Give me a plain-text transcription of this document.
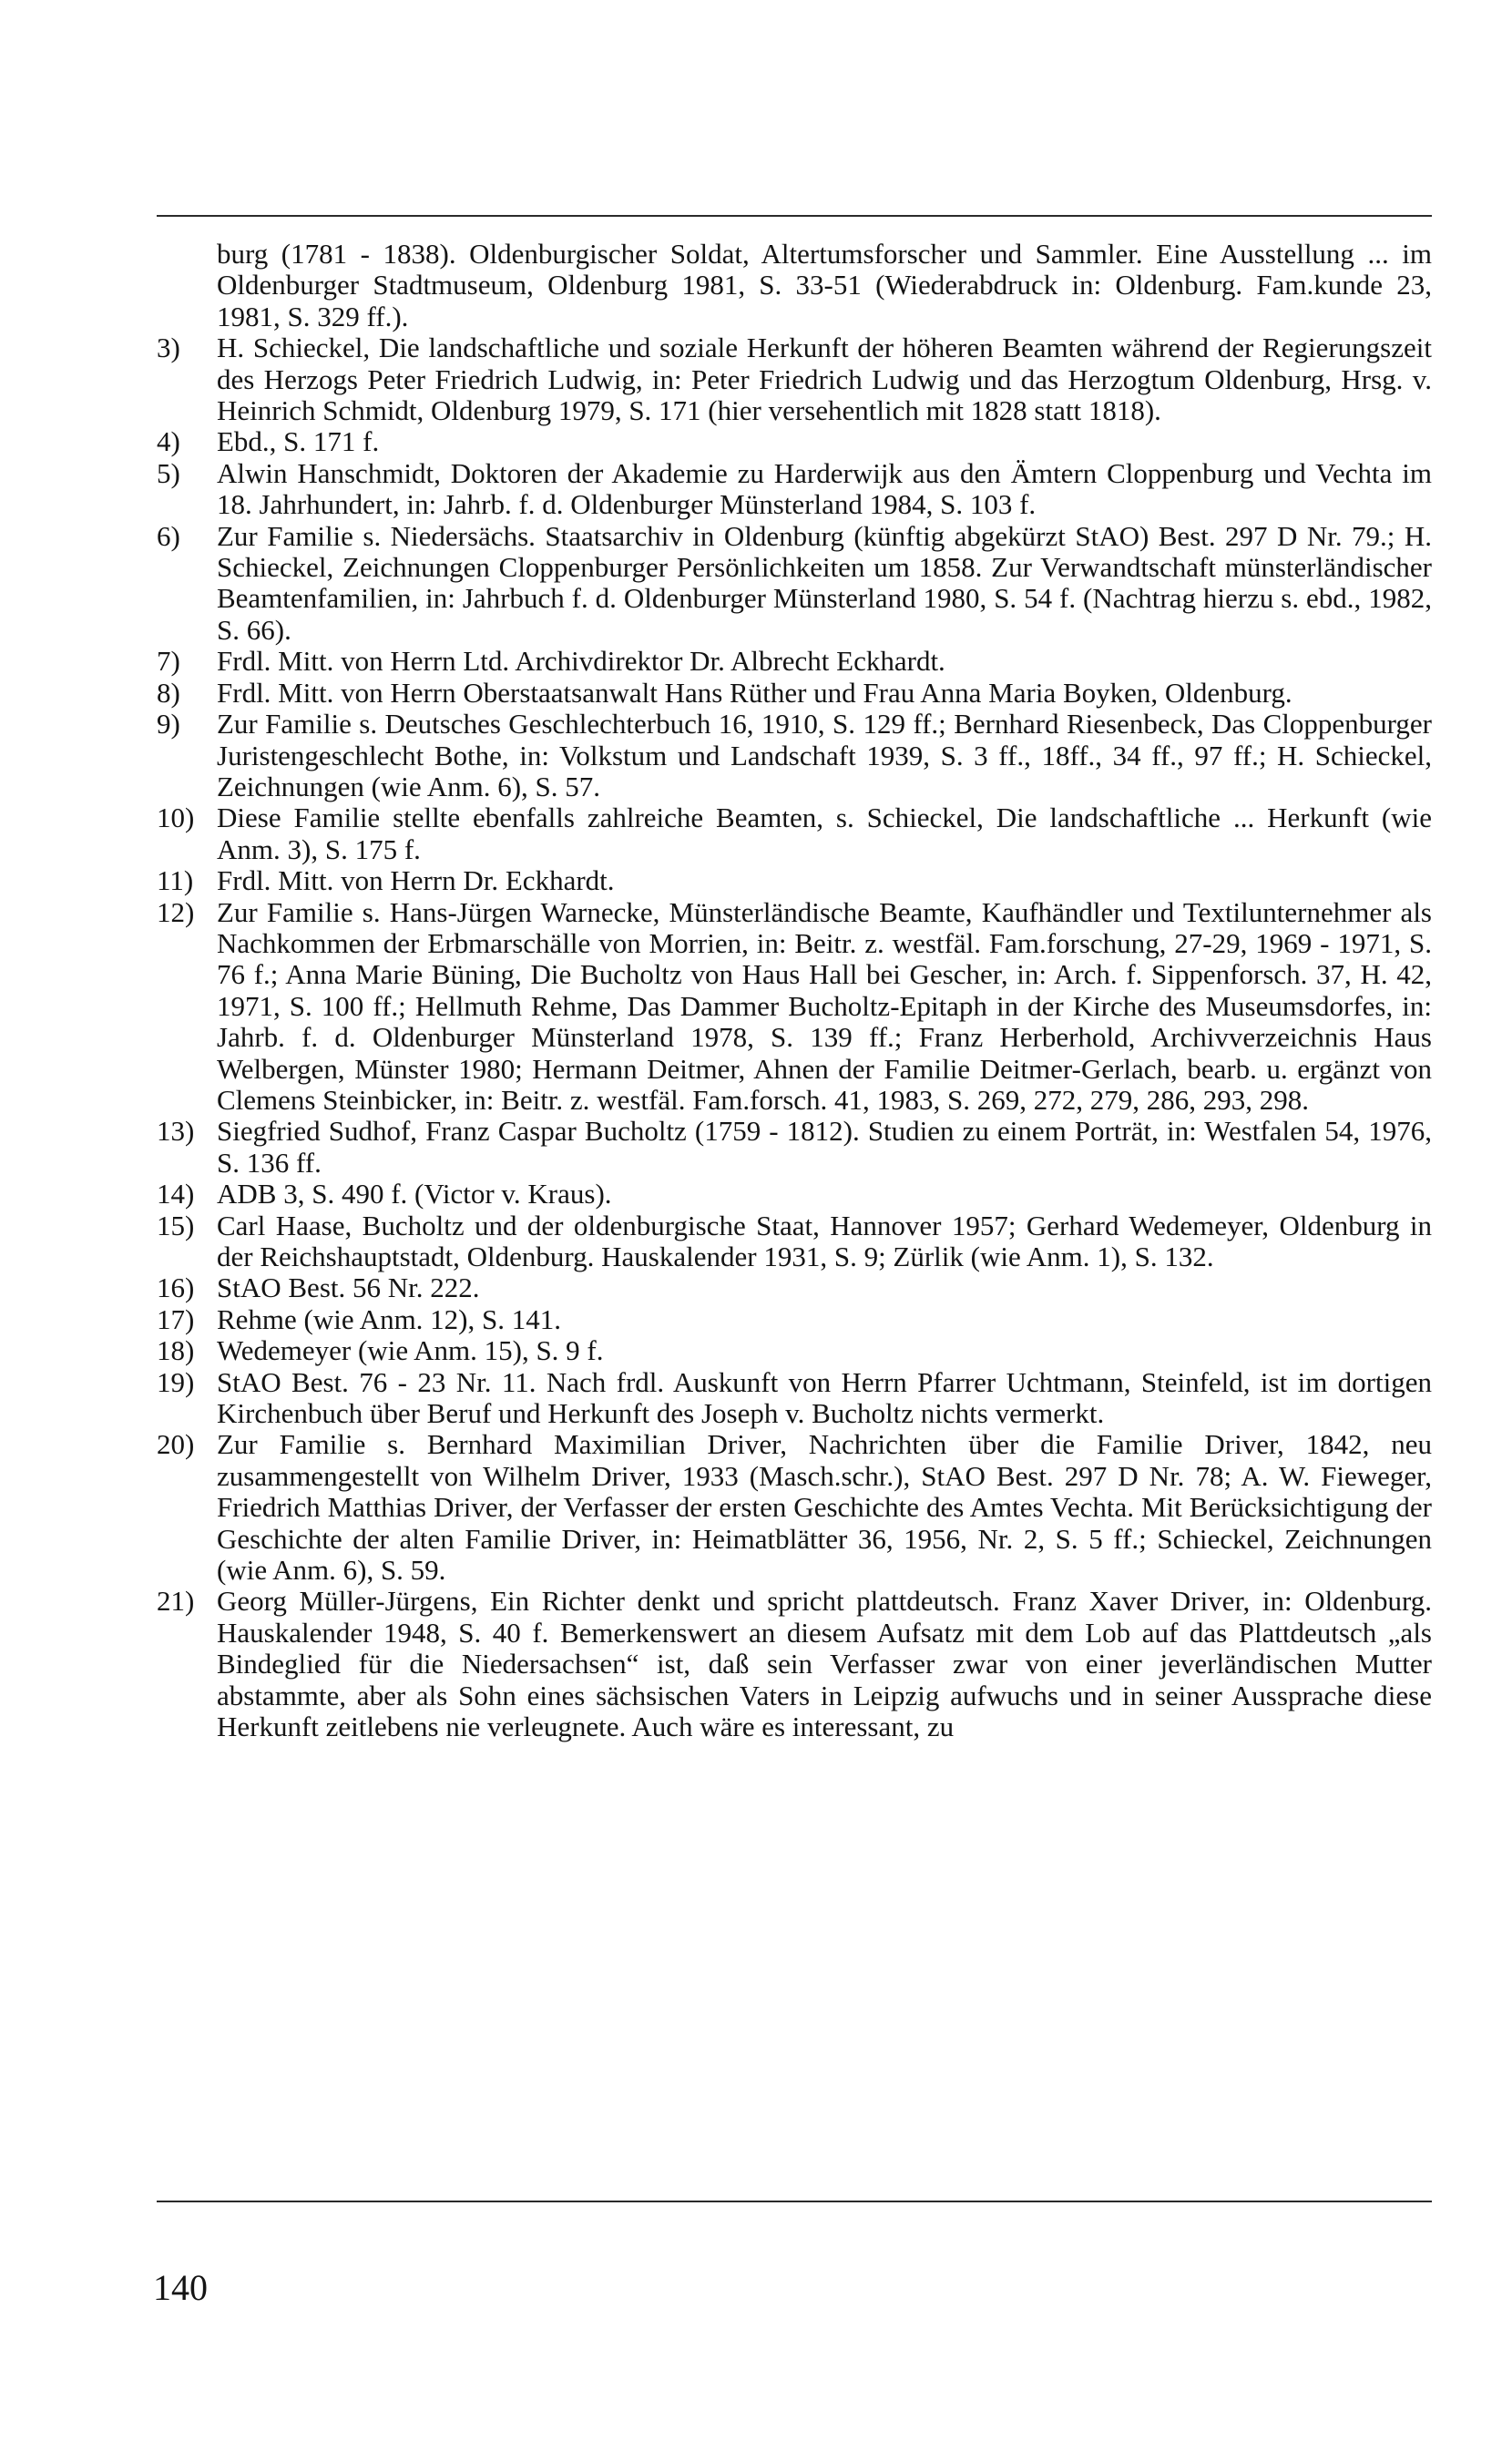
burg (1781 - 1838). Oldenburgischer Soldat, Altertumsforscher und Sammler. Eine Ausstellung ... im Oldenburger Stadtmuseum, Oldenburg 1981, S. 33-51 (Wiederabdruck in: Oldenburg. Fam.kunde 23, 1981, S. 329 ff.).
3)	H. Schieckel, Die landschaftliche und soziale Herkunft der höheren Beamten während der Regierungszeit des Herzogs Peter Friedrich Ludwig, in: Peter Friedrich Ludwig und das Herzogtum Oldenburg, Hrsg. v. Heinrich Schmidt, Oldenburg 1979, S. 171 (hier versehentlich mit 1828 statt 1818).
4)	Ebd., S. 171 f.
5)	Alwin Hanschmidt, Doktoren der Akademie zu Harderwijk aus den Ämtern Cloppenburg und Vechta im 18. Jahrhundert, in: Jahrb. f. d. Oldenburger Münsterland 1984, S. 103 f.
6)	Zur Familie s. Niedersächs. Staatsarchiv in Oldenburg (künftig abgekürzt StAO) Best. 297 D Nr. 79.; H. Schieckel, Zeichnungen Cloppenburger Persönlichkeiten um 1858. Zur Verwandtschaft münsterländischer Beamtenfamilien, in: Jahrbuch f. d. Oldenburger Münsterland 1980, S. 54 f. (Nachtrag hierzu s. ebd., 1982, S. 66).
7)	Frdl. Mitt. von Herrn Ltd. Archivdirektor Dr. Albrecht Eckhardt.
8)	Frdl. Mitt. von Herrn Oberstaatsanwalt Hans Rüther und Frau Anna Maria Boyken, Oldenburg.
9)	Zur Familie s. Deutsches Geschlechterbuch 16, 1910, S. 129 ff.; Bernhard Riesenbeck, Das Cloppenburger Juristengeschlecht Bothe, in: Volkstum und Landschaft 1939, S. 3 ff., 18ff., 34 ff., 97 ff.; H. Schieckel, Zeichnungen (wie Anm. 6), S. 57.
10) Diese Familie stellte ebenfalls zahlreiche Beamten, s. Schieckel, Die landschaftliche ... Herkunft (wie Anm. 3), S. 175 f.
11) Frdl. Mitt. von Herrn Dr. Eckhardt.
12) Zur Familie s. Hans-Jürgen Warnecke, Münsterländische Beamte, Kaufhändler und Textilunternehmer als Nachkommen der Erbmarschälle von Morrien, in: Beitr. z. westfäl. Fam.forschung, 27-29, 1969 - 1971, S. 76 f.; Anna Marie Büning, Die Bucholtz von Haus Hall bei Gescher, in: Arch. f. Sippenforsch. 37, H. 42, 1971, S. 100 ff.; Hellmuth Rehme, Das Dammer Bucholtz-Epitaph in der Kirche des Museumsdorfes, in: Jahrb. f. d. Oldenburger Münsterland 1978, S. 139 ff.; Franz Herberhold, Archivverzeichnis Haus Welbergen, Münster 1980; Hermann Deitmer, Ahnen der Familie Deitmer-Gerlach, bearb. u. ergänzt von Clemens Steinbicker, in: Beitr. z. westfäl. Fam.forsch. 41, 1983, S. 269, 272, 279, 286, 293, 298.
13) Siegfried Sudhof, Franz Caspar Bucholtz (1759 - 1812). Studien zu einem Porträt, in: Westfalen 54, 1976, S. 136 ff.
14) ADB 3, S. 490 f. (Victor v. Kraus).
15) Carl Haase, Bucholtz und der oldenburgische Staat, Hannover 1957; Gerhard Wedemeyer, Oldenburg in der Reichshauptstadt, Oldenburg. Hauskalender 1931, S. 9; Zürlik (wie Anm. 1), S. 132.
16) StAO Best. 56 Nr. 222.
17) Rehme (wie Anm. 12), S. 141.
18) Wedemeyer (wie Anm. 15), S. 9 f.
19) StAO Best. 76 - 23 Nr. 11. Nach frdl. Auskunft von Herrn Pfarrer Uchtmann, Steinfeld, ist im dortigen Kirchenbuch über Beruf und Herkunft des Joseph v. Bucholtz nichts vermerkt.
20) Zur Familie s. Bernhard Maximilian Driver, Nachrichten über die Familie Driver, 1842, neu zusammengestellt von Wilhelm Driver, 1933 (Masch.schr.), StAO Best. 297 D Nr. 78; A. W. Fieweger, Friedrich Matthias Driver, der Verfasser der ersten Geschichte des Amtes Vechta. Mit Berücksichtigung der Geschichte der alten Familie Driver, in: Heimatblätter 36, 1956, Nr. 2, S. 5 ff.; Schieckel, Zeichnungen (wie Anm. 6), S. 59.
21) Georg Müller-Jürgens, Ein Richter denkt und spricht plattdeutsch. Franz Xaver Driver, in: Oldenburg. Hauskalender 1948, S. 40 f. Bemerkenswert an diesem Aufsatz mit dem Lob auf das Plattdeutsch „als Bindeglied für die Niedersachsen“ ist, daß sein Verfasser zwar von einer jeverländischen Mutter abstammte, aber als Sohn eines sächsischen Vaters in Leipzig aufwuchs und in seiner Aussprache diese Herkunft zeitlebens nie verleugnete. Auch wäre es interessant, zu
140
